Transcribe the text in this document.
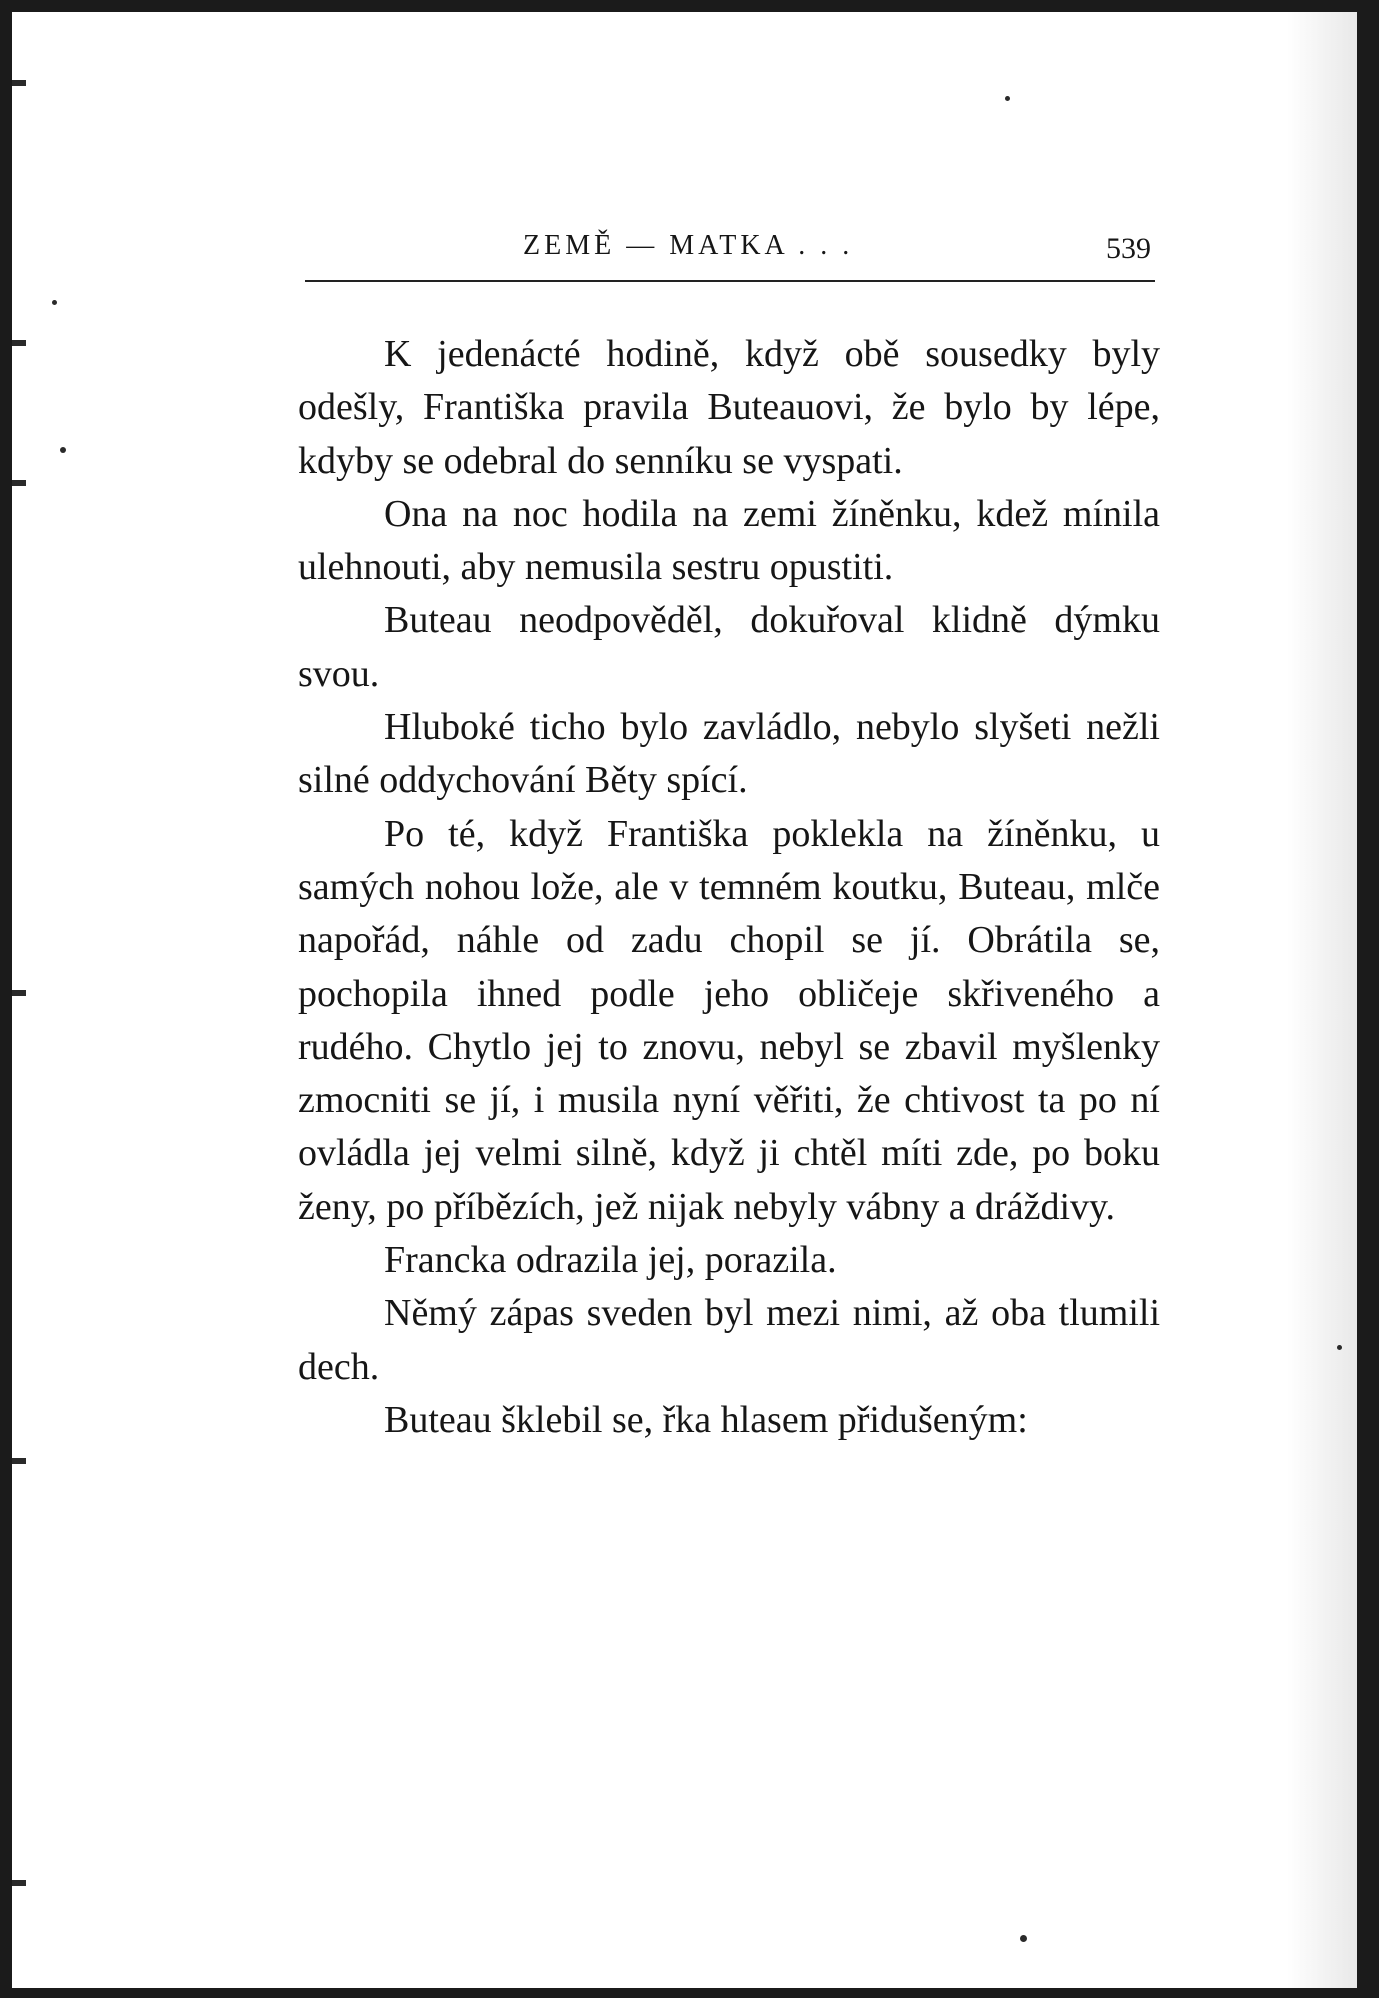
ZEMĚ — MATKA . . .	539

K jedenácté hodině, když obě sousedky byly odešly, Františka pravila Buteauovi, že bylo by lépe, kdyby se odebral do senníku se vyspati.

Ona na noc hodila na zemi žíněnku, kdež mínila ulehnouti, aby nemusila sestru opustiti.

Buteau neodpověděl, dokuřoval klidně dýmku svou.

Hluboké ticho bylo zavládlo, nebylo slyšeti nežli silné oddychování Běty spící.

Po té, když Františka poklekla na žíněnku, u samých nohou lože, ale v temném koutku, Buteau, mlče napořád, náhle od zadu chopil se jí. Obrátila se, pochopila ihned podle jeho obličeje skřiveného a rudého. Chytlo jej to znovu, nebyl se zbavil myšlenky zmocniti se jí, i musila nyní věřiti, že chtivost ta po ní ovládla jej velmi silně, když ji chtěl míti zde, po boku ženy, po příbězích, jež nijak nebyly vábny a dráždivy.

Francka odrazila jej, porazila.

Němý zápas sveden byl mezi nimi, až oba tlumili dech.

Buteau šklebil se, řka hlasem přidušeným:
